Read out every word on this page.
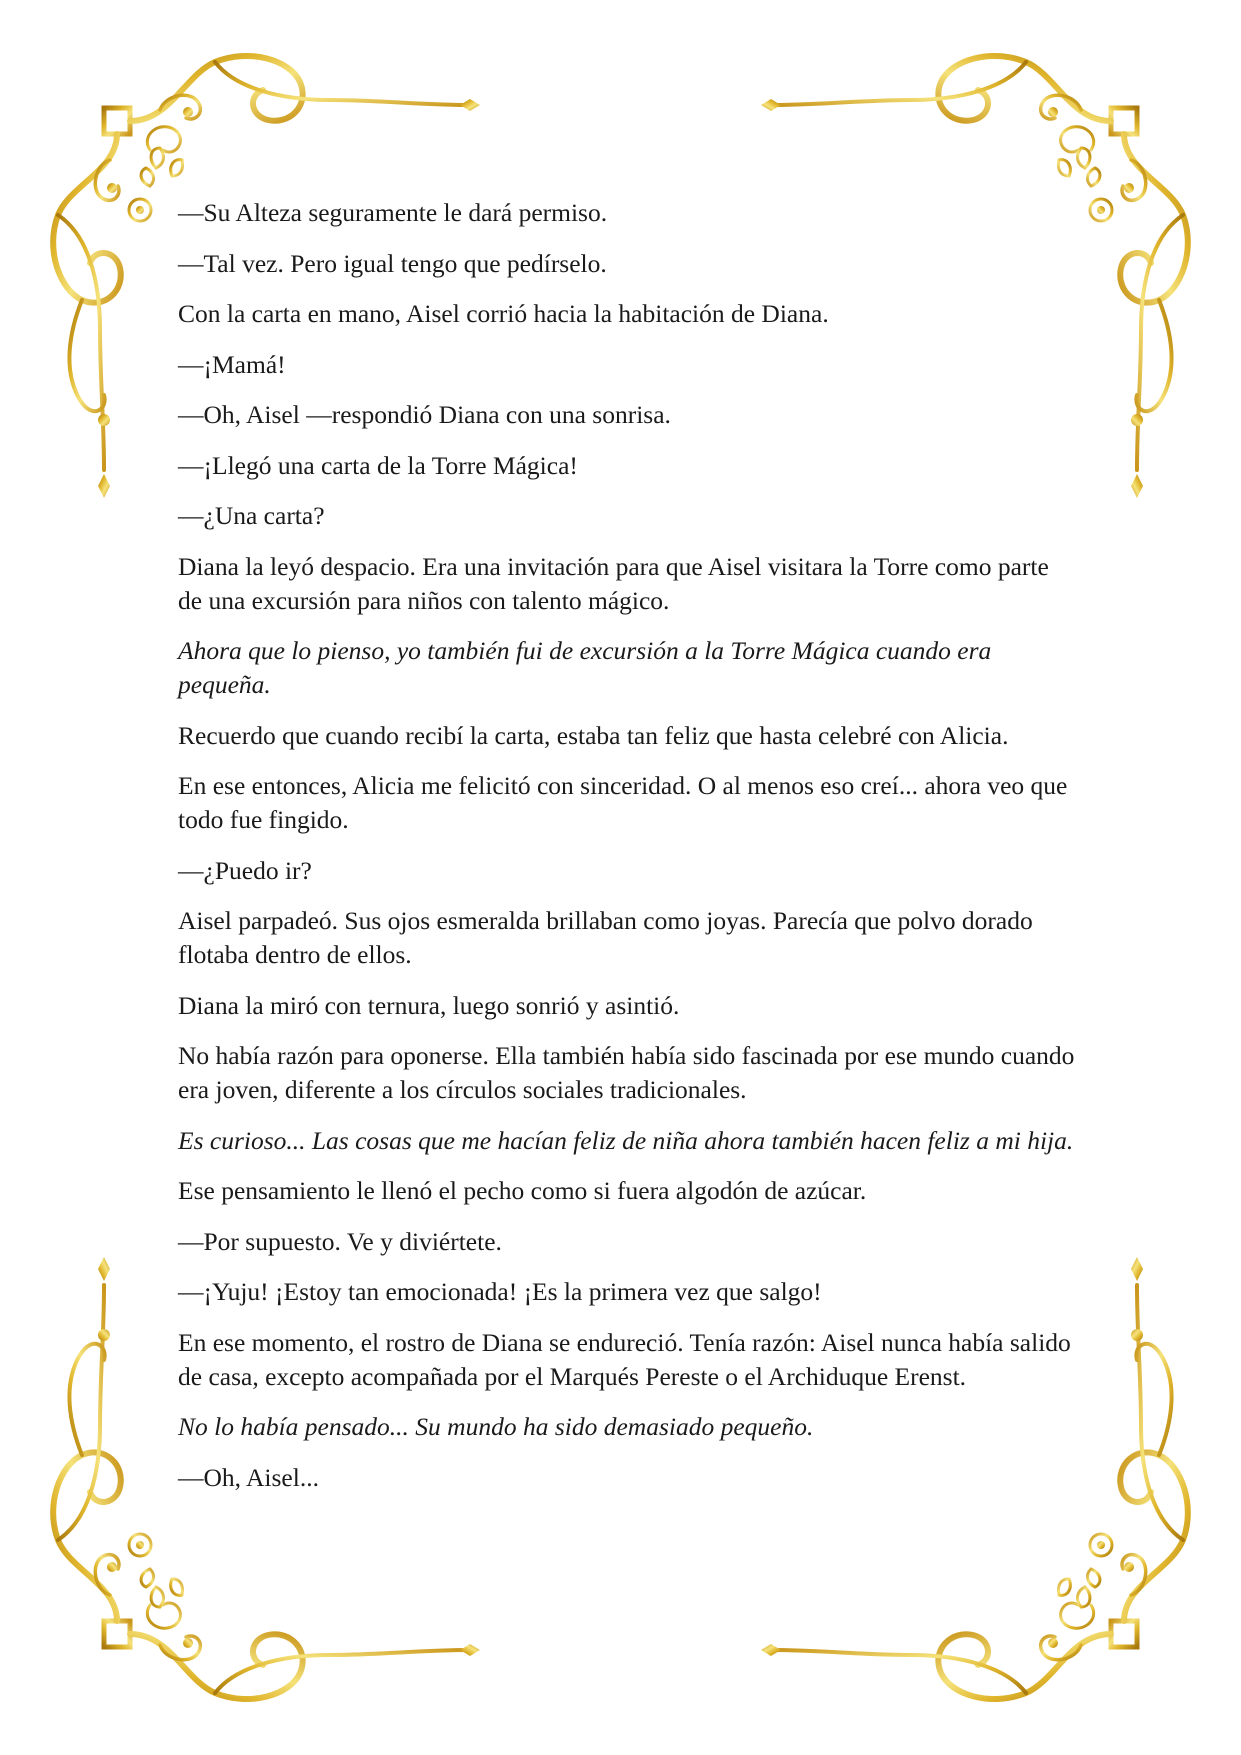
—Su Alteza seguramente le dará permiso.

—Tal vez. Pero igual tengo que pedírselo.

Con la carta en mano, Aisel corrió hacia la habitación de Diana.

—¡Mamá!

—Oh, Aisel —respondió Diana con una sonrisa.

—¡Llegó una carta de la Torre Mágica!

—¿Una carta?

Diana la leyó despacio. Era una invitación para que Aisel visitara la Torre como parte de una excursión para niños con talento mágico.

Ahora que lo pienso, yo también fui de excursión a la Torre Mágica cuando era pequeña.

Recuerdo que cuando recibí la carta, estaba tan feliz que hasta celebré con Alicia.

En ese entonces, Alicia me felicitó con sinceridad. O al menos eso creí... ahora veo que todo fue fingido.

—¿Puedo ir?

Aisel parpadeó. Sus ojos esmeralda brillaban como joyas. Parecía que polvo dorado flotaba dentro de ellos.

Diana la miró con ternura, luego sonrió y asintió.

No había razón para oponerse. Ella también había sido fascinada por ese mundo cuando era joven, diferente a los círculos sociales tradicionales.

Es curioso... Las cosas que me hacían feliz de niña ahora también hacen feliz a mi hija.

Ese pensamiento le llenó el pecho como si fuera algodón de azúcar.

—Por supuesto. Ve y diviértete.

—¡Yuju! ¡Estoy tan emocionada! ¡Es la primera vez que salgo!

En ese momento, el rostro de Diana se endureció. Tenía razón: Aisel nunca había salido de casa, excepto acompañada por el Marqués Pereste o el Archiduque Erenst.

No lo había pensado... Su mundo ha sido demasiado pequeño.

—Oh, Aisel...
